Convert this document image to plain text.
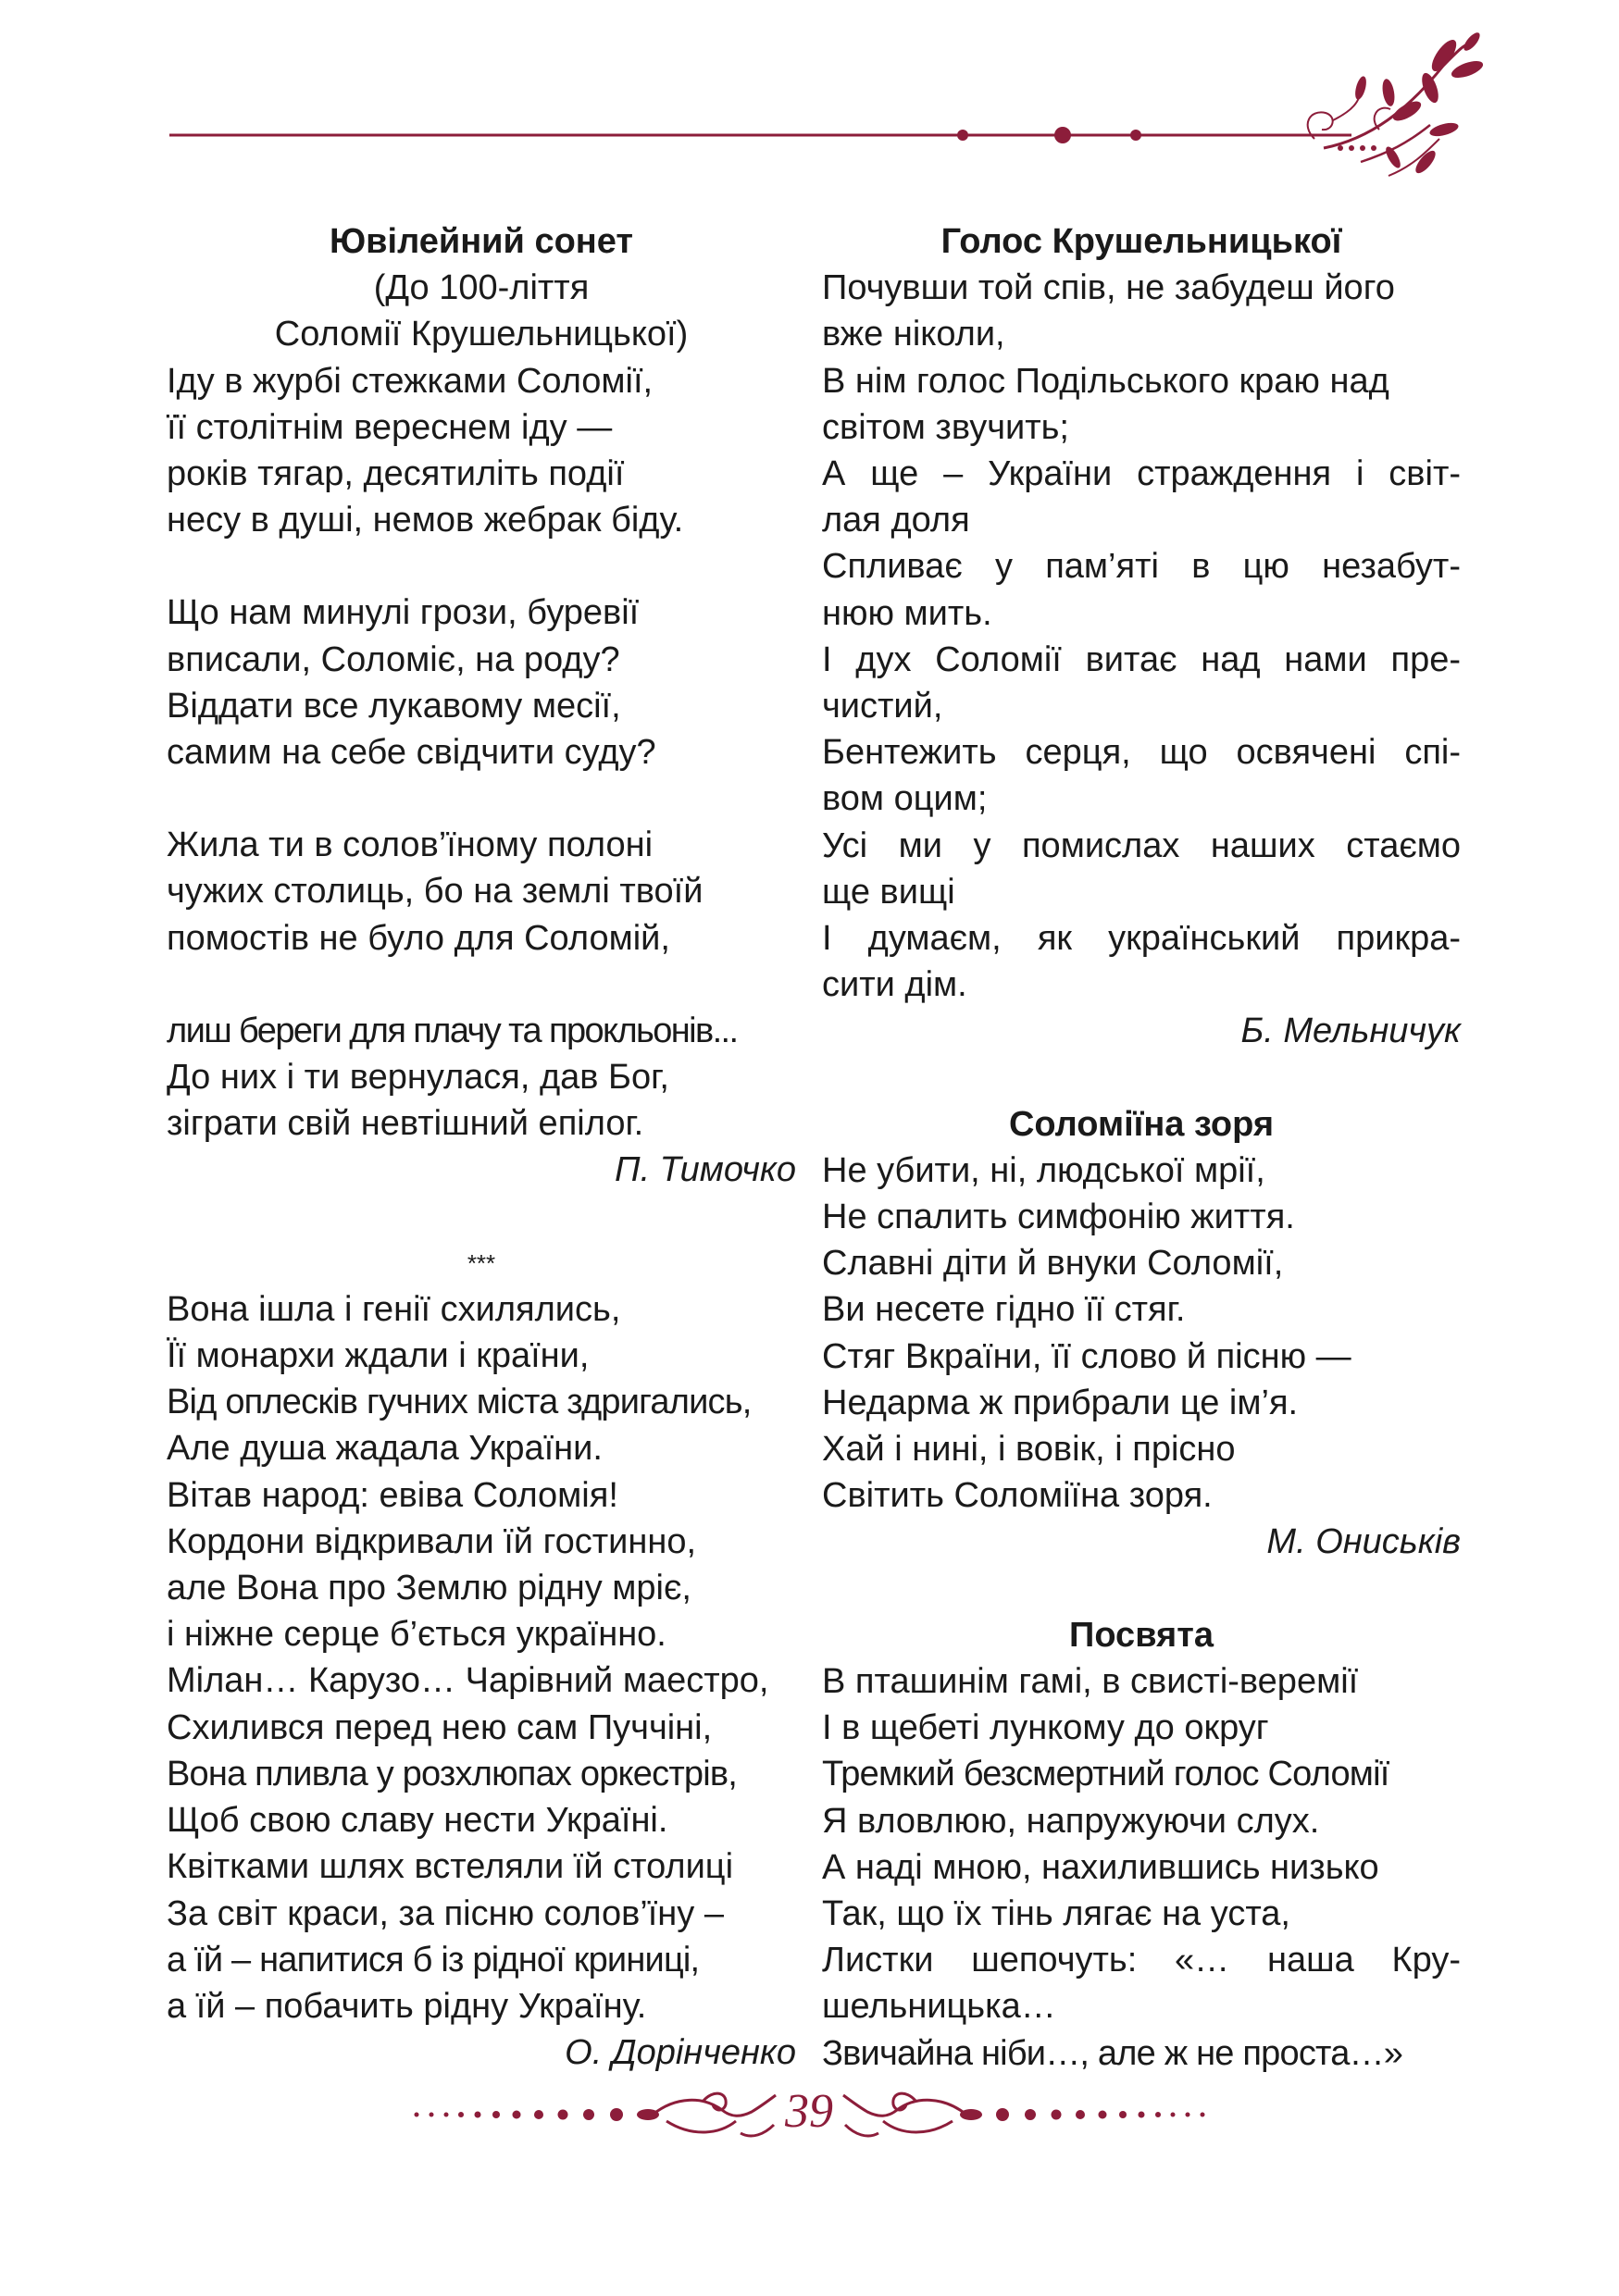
Ювілейний сонет
(До 100-ліття
Соломії Крушельницької)
Іду в журбі стежками Соломії,
її столітнім вереснем іду —
років тягар, десятиліть події
несу в душі, немов жебрак біду.
Що нам минулі грози, буревії
вписали, Соломіє, на роду?
Віддати все лукавому месії,
самим на себе свідчити суду?
Жила ти в солов’їному полоні
чужих столиць, бо на землі твоїй
помостів не було для Соломій,
лиш береги для плачу та прокльонів...
До них і ти вернулася, дав Бог,
зіграти свій невтішний епілог.
П. Тимочко
***
Вона ішла і генії схилялись,
Її монархи ждали і країни,
Від оплесків гучних міста здригались,
Але душа жадала України.
Вітав народ: евіва Соломія!
Кордони відкривали їй гостинно,
але Вона про Землю рідну мріє,
і ніжне серце б’ється українно.
Мілан… Карузо… Чарівний маестро,
Схилився перед нею сам Пуччіні,
Вона пливла у розхлюпах оркестрів,
Щоб свою славу нести Україні.
Квітками шлях встеляли їй столиці
За світ краси, за пісню солов’їну –
а їй – напитися б із рідної криниці,
а їй – побачить рідну Україну.
О. Дорінченко
Голос Крушельницької
Почувши той спів, не забудеш його
вже ніколи,
В нім голос Подільського краю над
світом звучить;
А ще – України страждення і світ-
лая доля
Спливає у пам’яті в цю незабут-
нюю мить.
І дух Соломії витає над нами пре-
чистий,
Бентежить серця, що освячені спі-
вом оцим;
Усі ми у помислах наших стаємо
ще вищі
І думаєм, як український прикра-
сити дім.
Б. Мельничук
Соломіїна зоря
Не убити, ні, людської мрії,
Не спалить симфонію життя.
Славні діти й внуки Соломії,
Ви несете гідно її стяг.
Стяг Вкраїни, її слово й пісню —
Недарма ж прибрали це ім’я.
Хай і нині, і вовік, і прісно
Світить Соломіїна зоря.
М. Ониськів
Посвята
В пташинім гамі, в свисті-веремії
І в щебеті лункому до округ
Тремкий безсмертний голос Соломії
Я вловлюю, напружуючи слух.
А наді мною, нахилившись низько
Так, що їх тінь лягає на уста,
Листки шепочуть: «… наша Кру-
шельницька…
Звичайна ніби…, але ж не проста…»
39
